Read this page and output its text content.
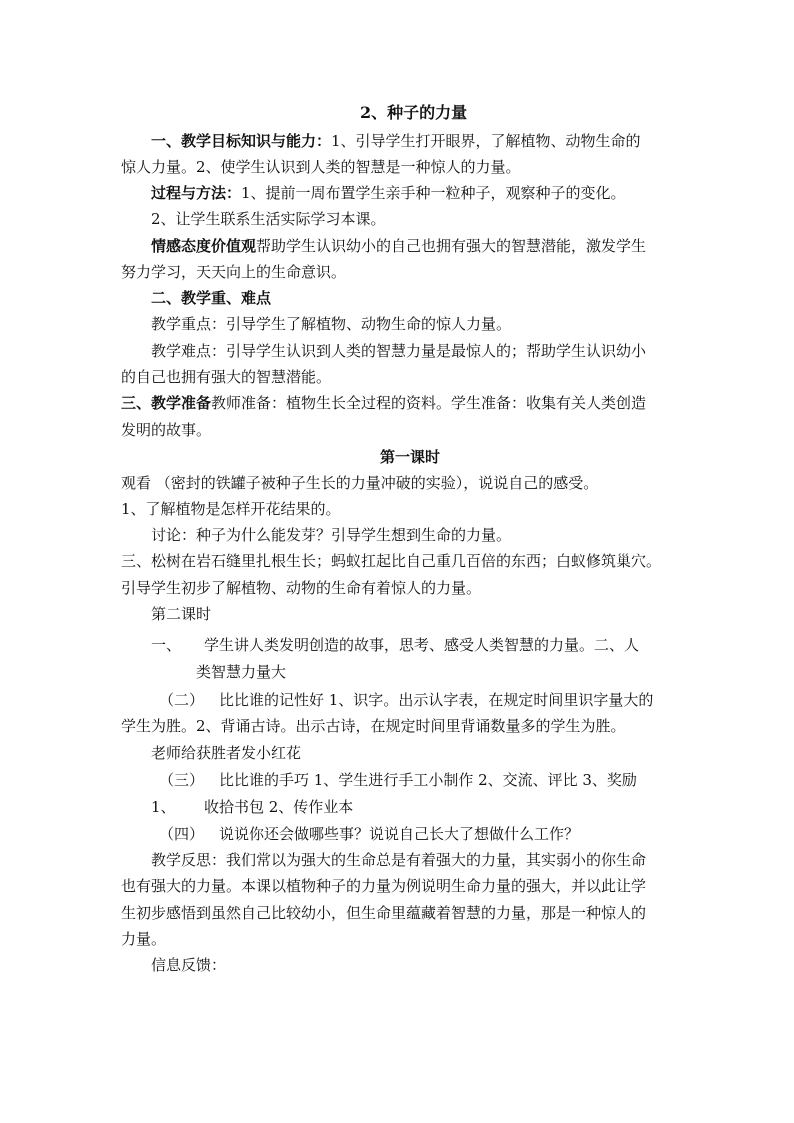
2、种子的力量
一、教学目标知识与能力：1、引导学生打开眼界，了解植物、动物生命的
惊人力量。2、使学生认识到人类的智慧是一种惊人的力量。
过程与方法：1、提前一周布置学生亲手种一粒种子，观察种子的变化。
2、让学生联系生活实际学习本课。
情感态度价值观帮助学生认识幼小的自己也拥有强大的智慧潜能，激发学生
努力学习，天天向上的生命意识。
二、教学重、难点
教学重点：引导学生了解植物、动物生命的惊人力量。
教学难点：引导学生认识到人类的智慧力量是最惊人的；帮助学生认识幼小
的自己也拥有强大的智慧潜能。
三、教学准备教师准备：植物生长全过程的资料。学生准备：收集有关人类创造
发明的故事。
第一课时
观看 （密封的铁罐子被种子生长的力量冲破的实验），说说自己的感受。
1、了解植物是怎样开花结果的。
讨论：种子为什么能发芽？引导学生想到生命的力量。
三、松树在岩石缝里扎根生长；蚂蚁扛起比自己重几百倍的东西；白蚁修筑巢穴。
引导学生初步了解植物、动物的生命有着惊人的力量。
第二课时
一、 学生讲人类发明创造的故事，思考、感受人类智慧的力量。二、人
类智慧力量大
（二） 比比谁的记性好 1、识字。出示认字表，在规定时间里识字量大的
学生为胜。2、背诵古诗。出示古诗，在规定时间里背诵数量多的学生为胜。
老师给获胜者发小红花
（三） 比比谁的手巧 1、学生进行手工小制作 2、交流、评比 3、奖励
1、 收拾书包 2、传作业本
（四） 说说你还会做哪些事？说说自己长大了想做什么工作？
教学反思：我们常以为强大的生命总是有着强大的力量，其实弱小的你生命
也有强大的力量。本课以植物种子的力量为例说明生命力量的强大，并以此让学
生初步感悟到虽然自己比较幼小，但生命里蕴藏着智慧的力量，那是一种惊人的
力量。
信息反馈：
